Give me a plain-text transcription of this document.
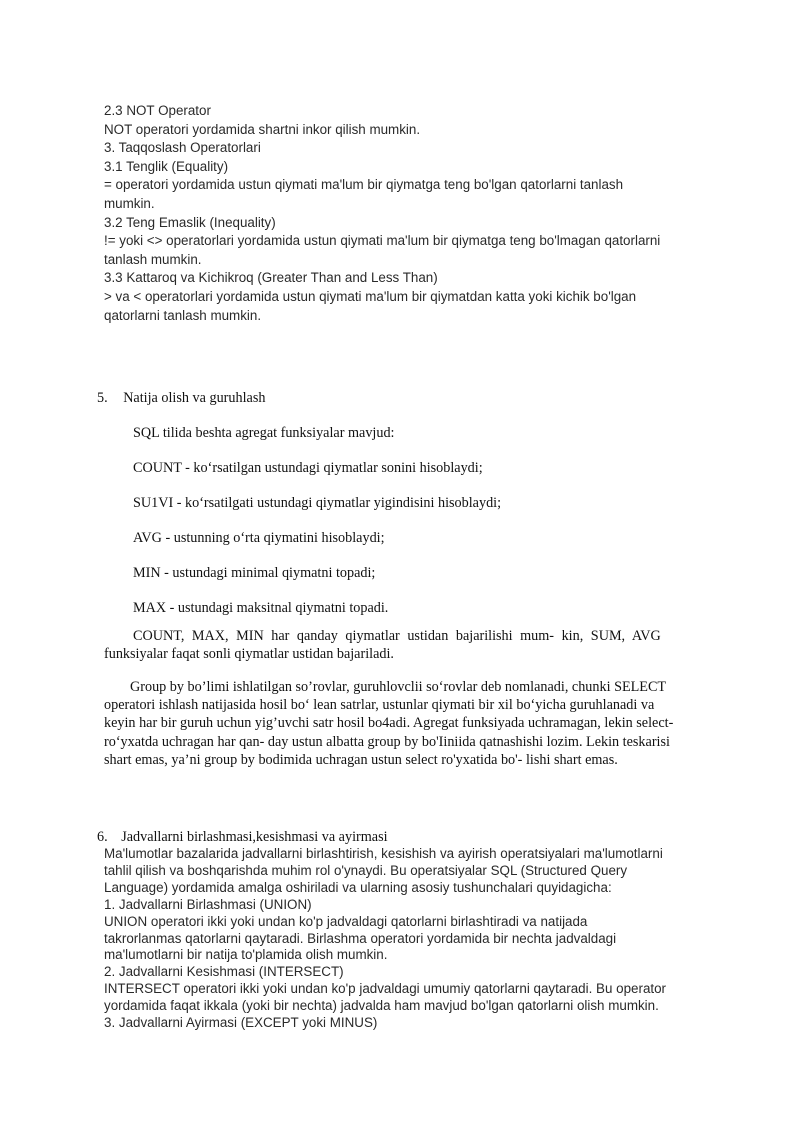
2.3 NOT Operator
NOT operatori yordamida shartni inkor qilish mumkin.
3. Taqqoslash Operatorlari
3.1 Tenglik (Equality)
= operatori yordamida ustun qiymati ma'lum bir qiymatga teng bo'lgan qatorlarni tanlash
mumkin.
3.2 Teng Emaslik (Inequality)
!= yoki <> operatorlari yordamida ustun qiymati ma'lum bir qiymatga teng bo'lmagan qatorlarni
tanlash mumkin.
3.3 Kattaroq va Kichikroq (Greater Than and Less Than)
> va < operatorlari yordamida ustun qiymati ma'lum bir qiymatdan katta yoki kichik bo'lgan
qatorlarni tanlash mumkin.
5. Natija olish va guruhlash
SQL tilida beshta agregat funksiyalar mavjud:
COUNT - ko‘rsatilgan ustundagi qiymatlar sonini hisoblaydi;
SU1VI - ko‘rsatilgati ustundagi qiymatlar yigindisini hisoblaydi;
AVG - ustunning o‘rta qiymatini hisoblaydi;
MIN - ustundagi minimal qiymatni topadi;
MAX - ustundagi maksitnal qiymatni topadi.
COUNT, MAX, MIN har qanday qiymatlar ustidan bajarilishi mum- kin, SUM, AVG
funksiyalar faqat sonli qiymatlar ustidan bajariladi.
Group by bo’limi ishlatilgan so’rovlar, guruhlovclii so‘rovlar deb nomlanadi, chunki SELECT
operatori ishlash natijasida hosil bo‘ lean satrlar, ustunlar qiymati bir xil bo‘yicha guruhlanadi va
keyin har bir guruh uchun yig’uvchi satr hosil bo4adi. Agregat funksiyada uchramagan, lekin select-
ro‘yxatda uchragan har qan- day ustun albatta group by bo'Iiniida qatnashishi lozim. Lekin teskarisi
shart emas, ya’ni group by bodimida uchragan ustun select ro'yxatida bo'- lishi shart emas.
6. Jadvallarni birlashmasi,kesishmasi va ayirmasi
Ma'lumotlar bazalarida jadvallarni birlashtirish, kesishish va ayirish operatsiyalari ma'lumotlarni
tahlil qilish va boshqarishda muhim rol o'ynaydi. Bu operatsiyalar SQL (Structured Query
Language) yordamida amalga oshiriladi va ularning asosiy tushunchalari quyidagicha:
1. Jadvallarni Birlashmasi (UNION)
UNION operatori ikki yoki undan ko'p jadvaldagi qatorlarni birlashtiradi va natijada
takrorlanmas qatorlarni qaytaradi. Birlashma operatori yordamida bir nechta jadvaldagi
ma'lumotlarni bir natija to'plamida olish mumkin.
2. Jadvallarni Kesishmasi (INTERSECT)
INTERSECT operatori ikki yoki undan ko'p jadvaldagi umumiy qatorlarni qaytaradi. Bu operator
yordamida faqat ikkala (yoki bir nechta) jadvalda ham mavjud bo'lgan qatorlarni olish mumkin.
3. Jadvallarni Ayirmasi (EXCEPT yoki MINUS)
